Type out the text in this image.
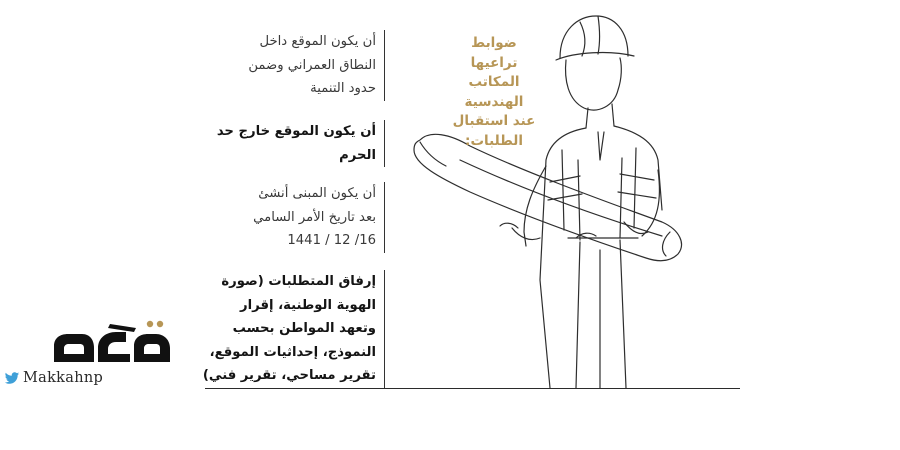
ضوابط
تراعيها
المكاتب
الهندسية
عند استقبال
الطلبات:
أن يكون الموقع داخل
النطاق العمراني وضمن
حدود التنمية
أن يكون الموقع خارج حد
الحرم
أن يكون المبنى أنشئ
بعد تاريخ الأمر السامي
16/ 12 / 1441
إرفاق المتطلبات (صورة
الهوية الوطنية، إقرار
وتعهد المواطن بحسب
النموذج، إحداثيات الموقع،
تقرير مساحي، تقرير فني)
Makkahnp
